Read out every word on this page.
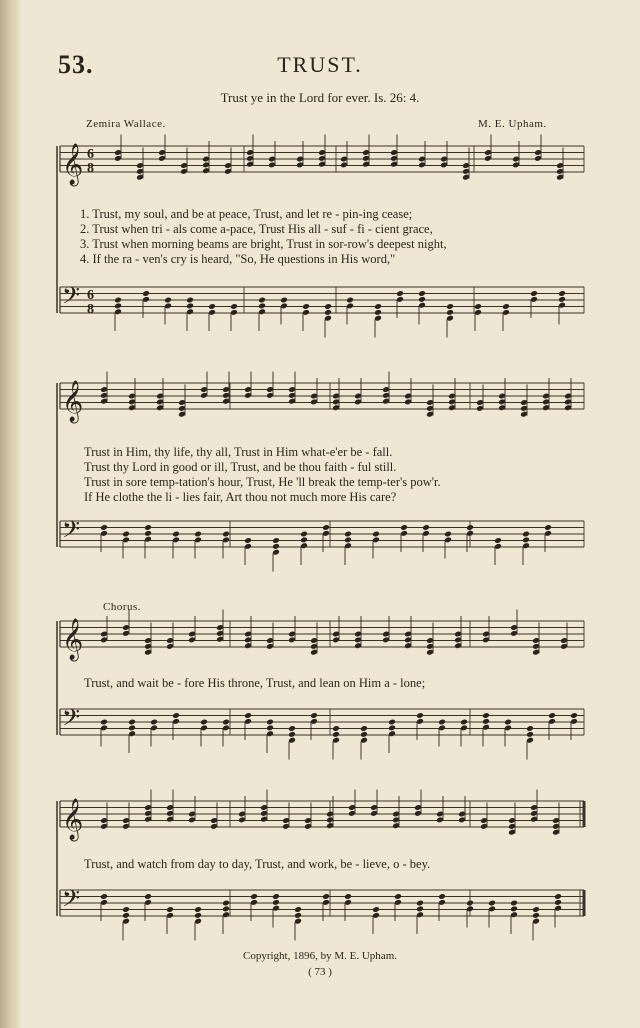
𝄞
𝄢
6
8
6
8
𝄞
𝄢
𝄞
𝄢
𝄞
𝄢
53.	TRUST.
Trust ye in the Lord for ever. Is. 26: 4.
Zemira Wallace.	M. E. Upham.
1. Trust, my soul, and be at peace, Trust, and let re - pin-ing cease;
2. Trust when tri - als come a-pace, Trust His all - suf - fi - cient grace,
3. Trust when morning beams are bright, Trust in sor-row's deepest night,
4. If the ra - ven's cry is heard, "So, He questions in His word,"
Trust in Him, thy life, thy all, Trust in Him what-e'er be - fall.
Trust thy Lord in good or ill, Trust, and be thou faith - ful still.
Trust in sore temp-tation's hour, Trust, He 'll break the temp-ter's pow'r.
If He clothe the li - lies fair, Art thou not much more His care?
Chorus.
Trust, and wait be - fore His throne, Trust, and lean on Him a - lone;
Trust, and watch from day to day, Trust, and work, be - lieve, o - bey.
Copyright, 1896, by M. E. Upham.
( 73 )
